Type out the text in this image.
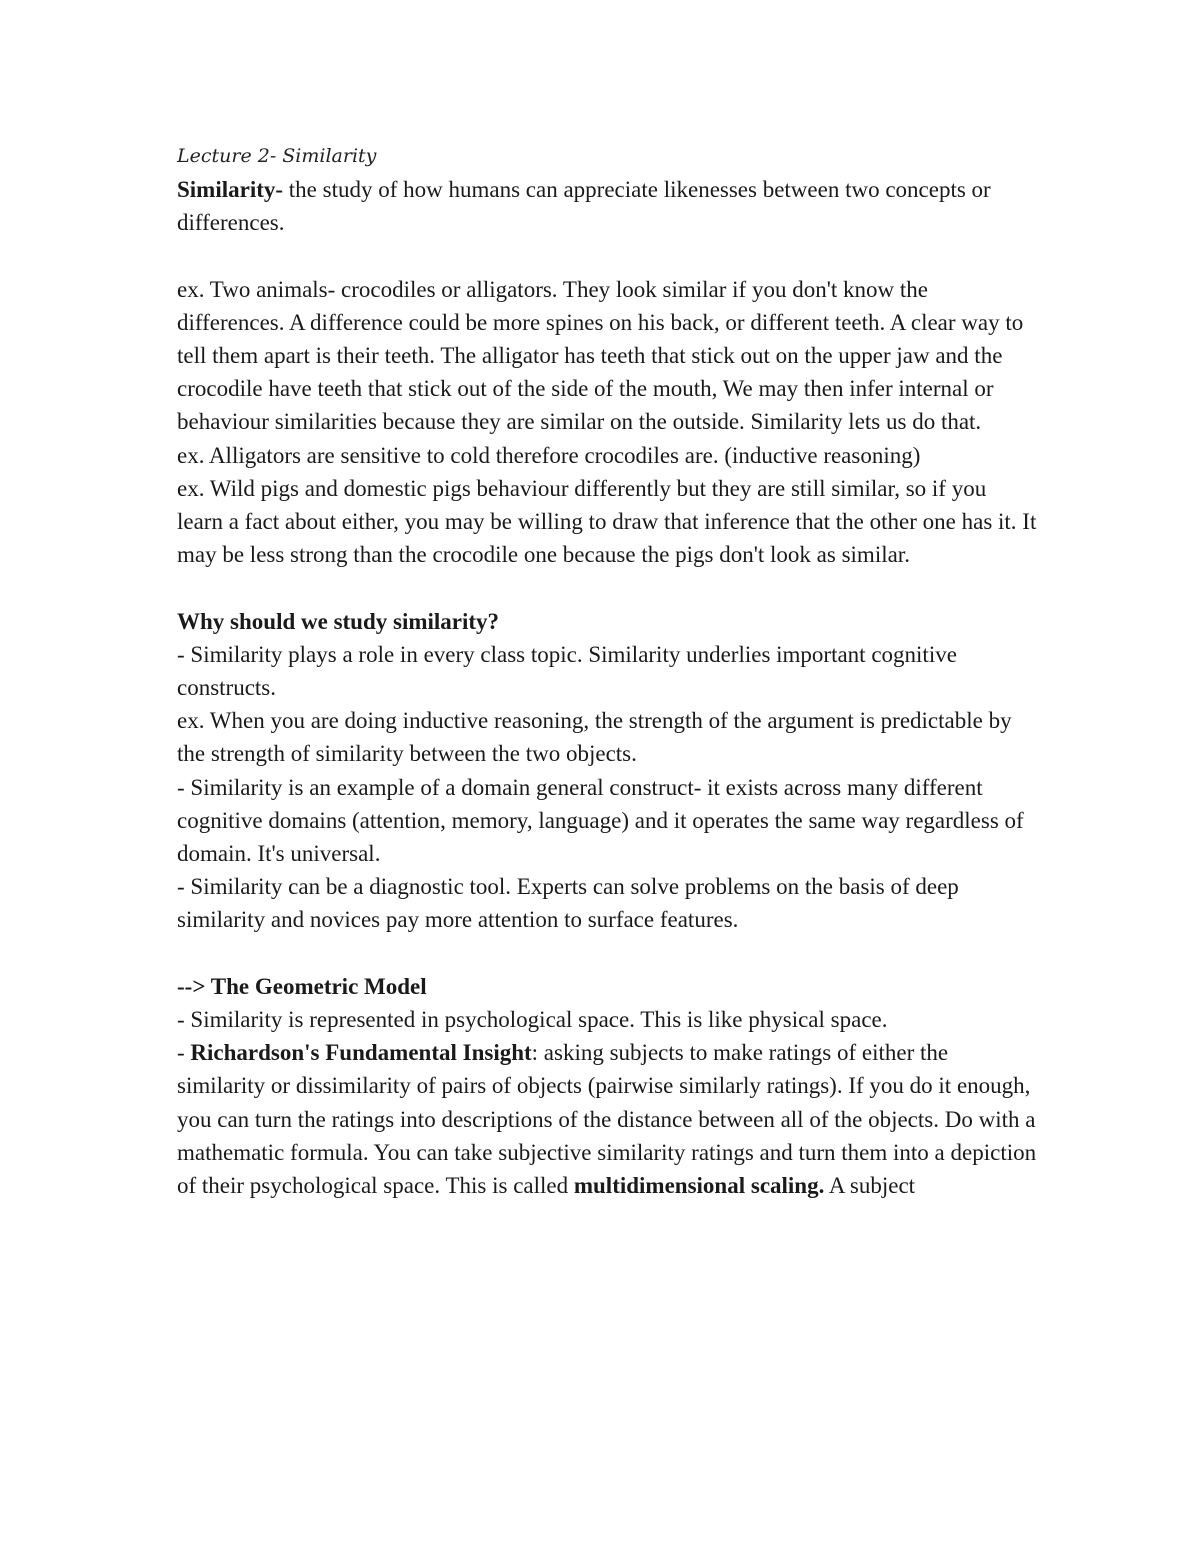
Lecture 2- Similarity

Similarity- the study of how humans can appreciate likenesses between two concepts or differences.

ex. Two animals- crocodiles or alligators. They look similar if you don't know the differences. A difference could be more spines on his back, or different teeth. A clear way to tell them apart is their teeth. The alligator has teeth that stick out on the upper jaw and the crocodile have teeth that stick out of the side of the mouth, We may then infer internal or behaviour similarities because they are similar on the outside. Similarity lets us do that.

ex. Alligators are sensitive to cold therefore crocodiles are. (inductive reasoning)

ex. Wild pigs and domestic pigs behaviour differently but they are still similar, so if you learn a fact about either, you may be willing to draw that inference that the other one has it. It may be less strong than the crocodile one because the pigs don't look as similar.

Why should we study similarity?

- Similarity plays a role in every class topic. Similarity underlies important cognitive constructs.

ex. When you are doing inductive reasoning, the strength of the argument is predictable by the strength of similarity between the two objects.

- Similarity is an example of a domain general construct- it exists across many different cognitive domains (attention, memory, language) and it operates the same way regardless of domain. It's universal.

- Similarity can be a diagnostic tool. Experts can solve problems on the basis of deep similarity and novices pay more attention to surface features.

--> The Geometric Model

- Similarity is represented in psychological space. This is like physical space.

- Richardson's Fundamental Insight: asking subjects to make ratings of either the similarity or dissimilarity of pairs of objects (pairwise similarly ratings). If you do it enough, you can turn the ratings into descriptions of the distance between all of the objects. Do with a mathematic formula. You can take subjective similarity ratings and turn them into a depiction of their psychological space. This is called multidimensional scaling. A subject
